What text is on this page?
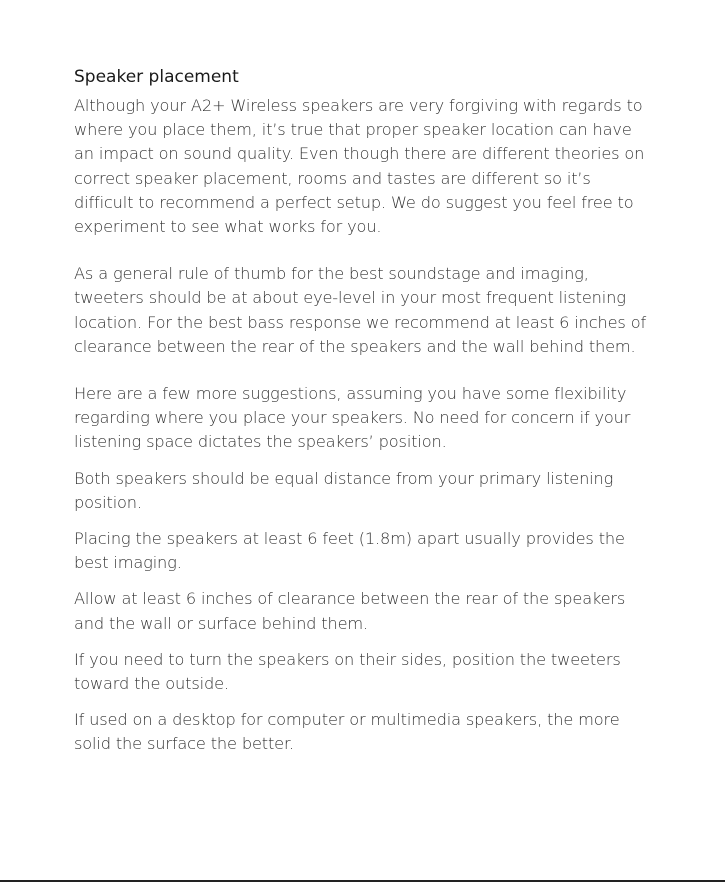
Speaker placement

Although your A2+ Wireless speakers are very forgiving with regards to where you place them, it’s true that proper speaker location can have an impact on sound quality. Even though there are different theories on correct speaker placement, rooms and tastes are different so it’s difficult to recommend a perfect setup. We do suggest you feel free to experiment to see what works for you.

As a general rule of thumb for the best soundstage and imaging, tweeters should be at about eye-level in your most frequent listening location. For the best bass response we recommend at least 6 inches of clearance between the rear of the speakers and the wall behind them.

Here are a few more suggestions, assuming you have some flexibility regarding where you place your speakers. No need for concern if your listening space dictates the speakers’ position.

Both speakers should be equal distance from your primary listening position.

Placing the speakers at least 6 feet (1.8m) apart usually provides the best imaging.

Allow at least 6 inches of clearance between the rear of the speakers and the wall or surface behind them.

If you need to turn the speakers on their sides, position the tweeters toward the outside.

If used on a desktop for computer or multimedia speakers, the more solid the surface the better.
